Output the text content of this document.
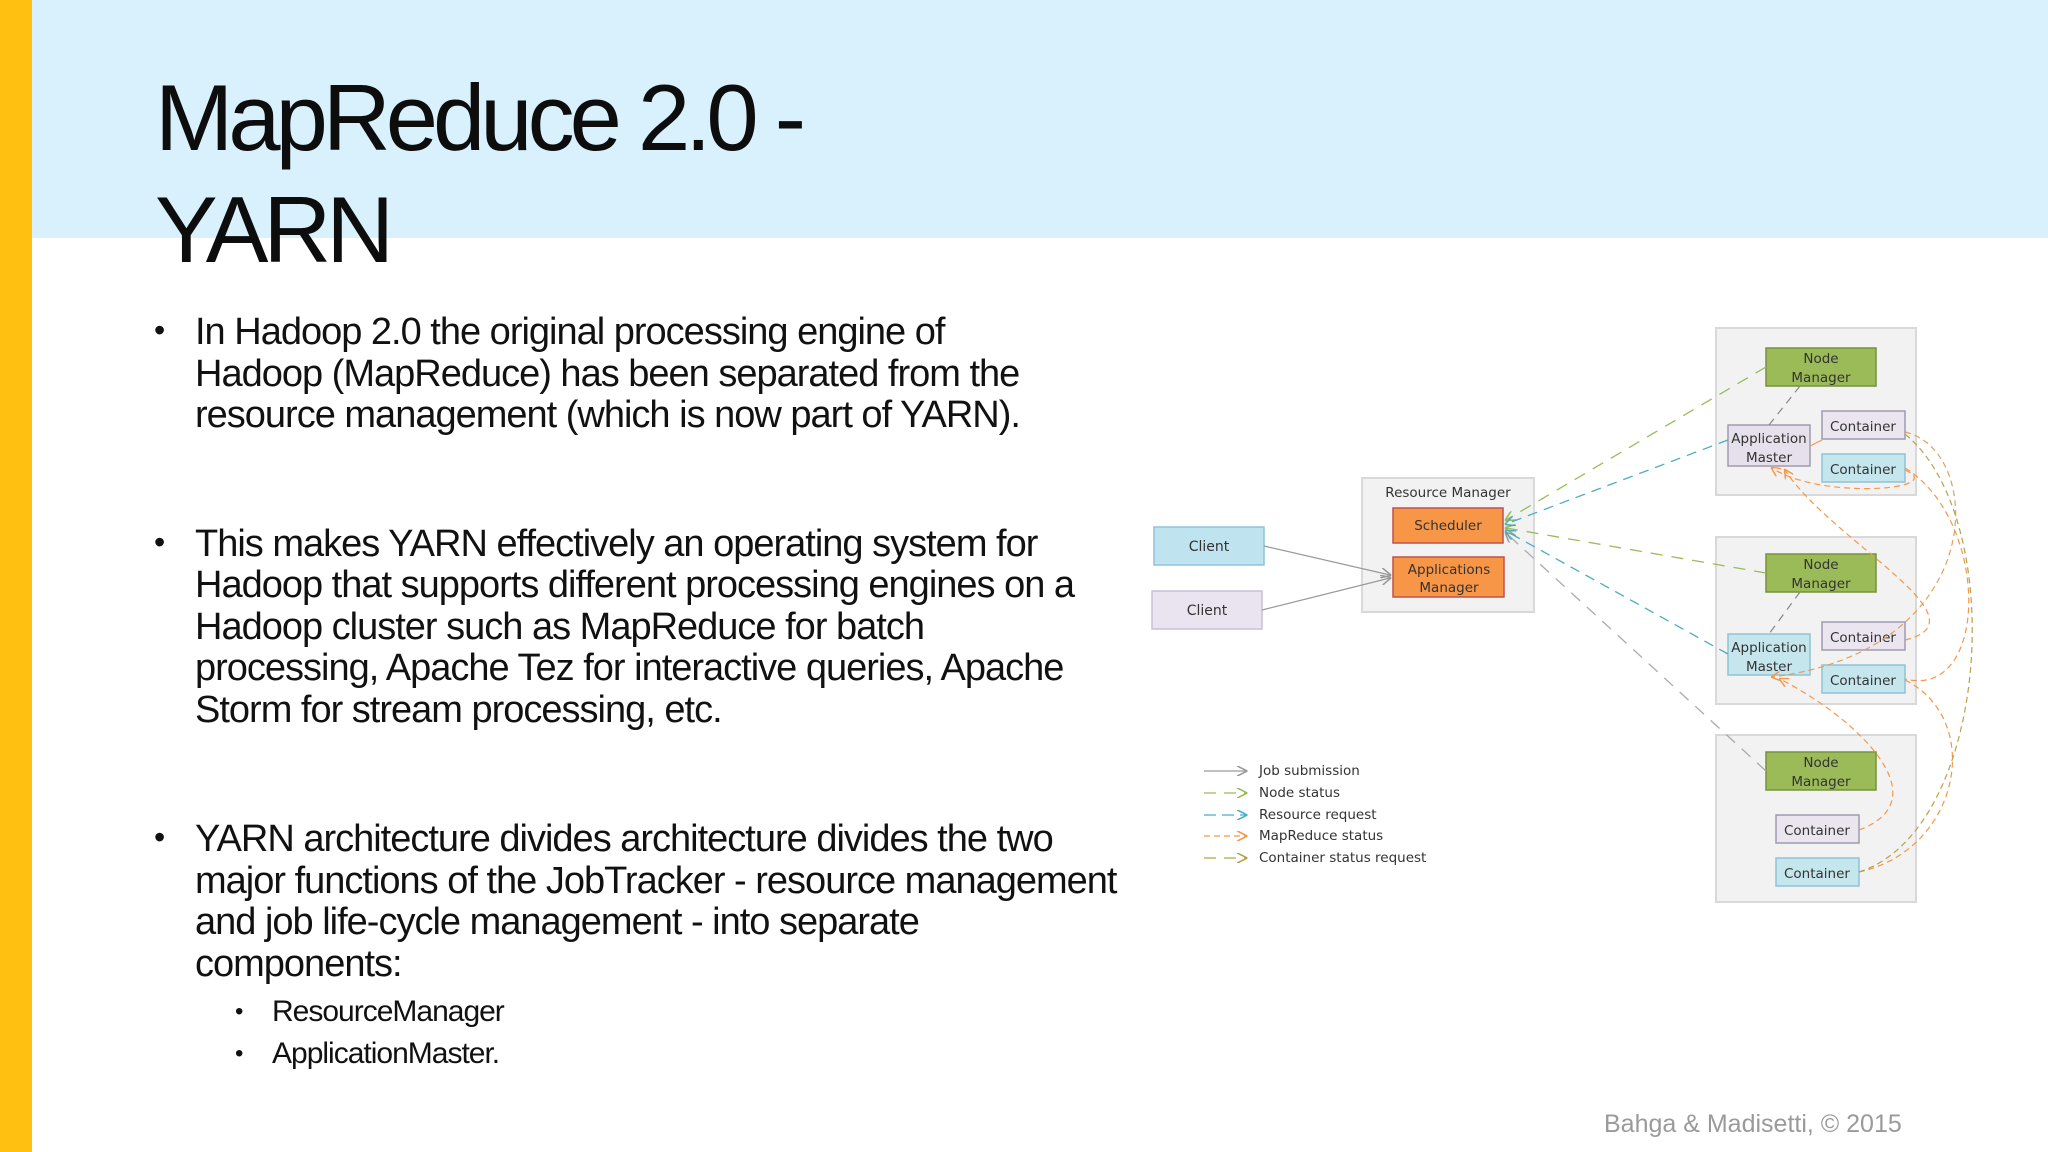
MapReduce 2.0 -
YARN
• In Hadoop 2.0 the original processing engine of
Hadoop (MapReduce) has been separated from the
resource management (which is now part of YARN).
• This makes YARN effectively an operating system for
Hadoop that supports different processing engines on a
Hadoop cluster such as MapReduce for batch
processing, Apache Tez for interactive queries, Apache
Storm for stream processing, etc.
• YARN architecture divides architecture divides the two
major functions of the JobTracker - resource management
and job life-cycle management - into separate
components:
• ResourceManager
• ApplicationMaster.
Resource Manager
Scheduler
Applications
Manager
Client
Client
Node
Manager
Application
Master
Container
Container
Node
Manager
Application
Master
Container
Container
Node
Manager
Container
Container
Job submission
Node status
Resource request
MapReduce status
Container status request
Bahga & Madisetti, © 2015
